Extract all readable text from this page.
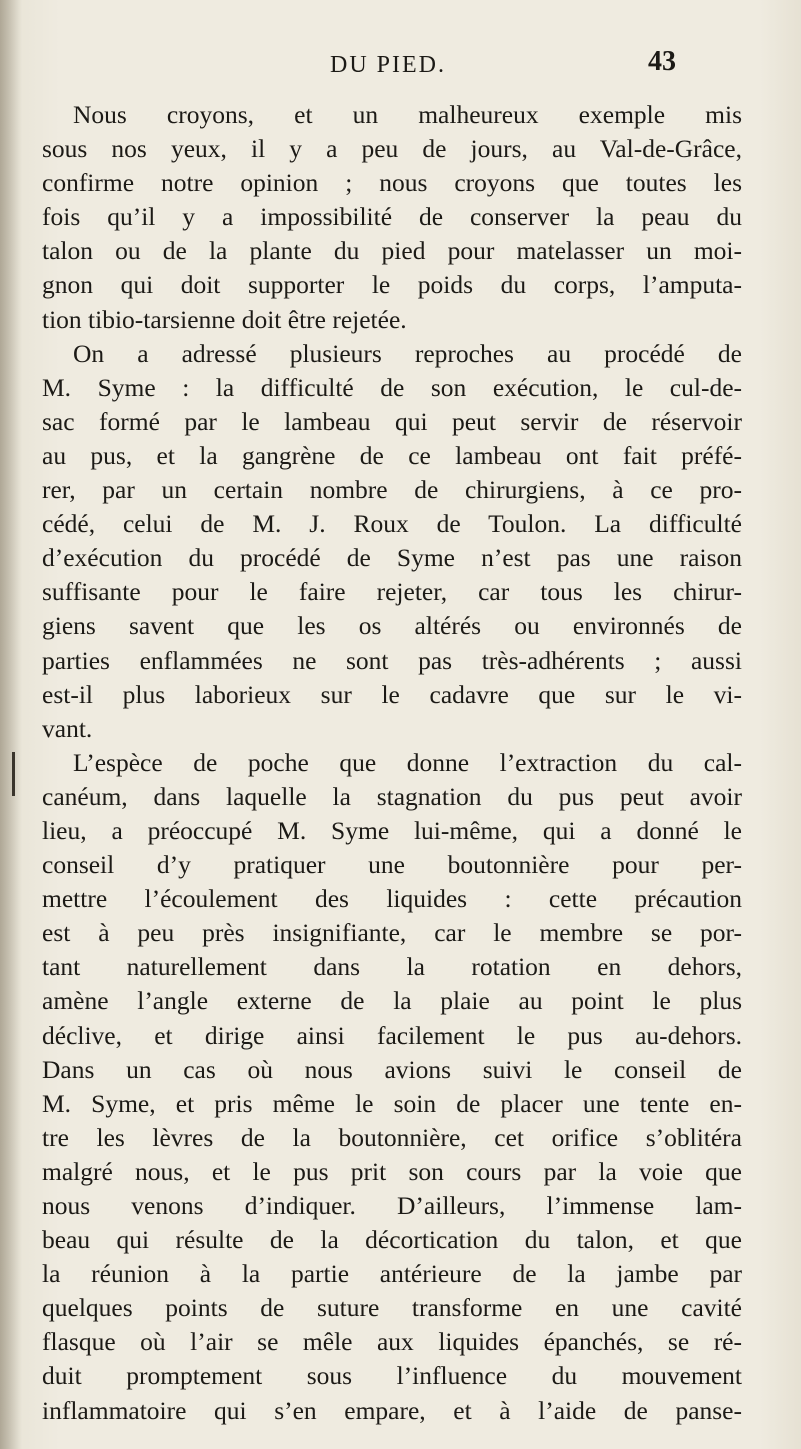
DU PIED.	43
Nous croyons, et un malheureux exemple mis
sous nos yeux, il y a peu de jours, au Val-de-Grâce,
confirme notre opinion ; nous croyons que toutes les
fois qu’il y a impossibilité de conserver la peau du
talon ou de la plante du pied pour matelasser un moi-
gnon qui doit supporter le poids du corps, l’amputa-
tion tibio-tarsienne doit être rejetée.
On a adressé plusieurs reproches au procédé de
M. Syme : la difficulté de son exécution, le cul-de-
sac formé par le lambeau qui peut servir de réservoir
au pus, et la gangrène de ce lambeau ont fait préfé-
rer, par un certain nombre de chirurgiens, à ce pro-
cédé, celui de M. J. Roux de Toulon. La difficulté
d’exécution du procédé de Syme n’est pas une raison
suffisante pour le faire rejeter, car tous les chirur-
giens savent que les os altérés ou environnés de
parties enflammées ne sont pas très-adhérents ; aussi
est-il plus laborieux sur le cadavre que sur le vi-
vant.
L’espèce de poche que donne l’extraction du cal-
canéum, dans laquelle la stagnation du pus peut avoir
lieu, a préoccupé M. Syme lui-même, qui a donné le
conseil d’y pratiquer une boutonnière pour per-
mettre l’écoulement des liquides : cette précaution
est à peu près insignifiante, car le membre se por-
tant naturellement dans la rotation en dehors,
amène l’angle externe de la plaie au point le plus
déclive, et dirige ainsi facilement le pus au-dehors.
Dans un cas où nous avions suivi le conseil de
M. Syme, et pris même le soin de placer une tente en-
tre les lèvres de la boutonnière, cet orifice s’oblitéra
malgré nous, et le pus prit son cours par la voie que
nous venons d’indiquer. D’ailleurs, l’immense lam-
beau qui résulte de la décortication du talon, et que
la réunion à la partie antérieure de la jambe par
quelques points de suture transforme en une cavité
flasque où l’air se mêle aux liquides épanchés, se ré-
duit promptement sous l’influence du mouvement
inflammatoire qui s’en empare, et à l’aide de panse-
